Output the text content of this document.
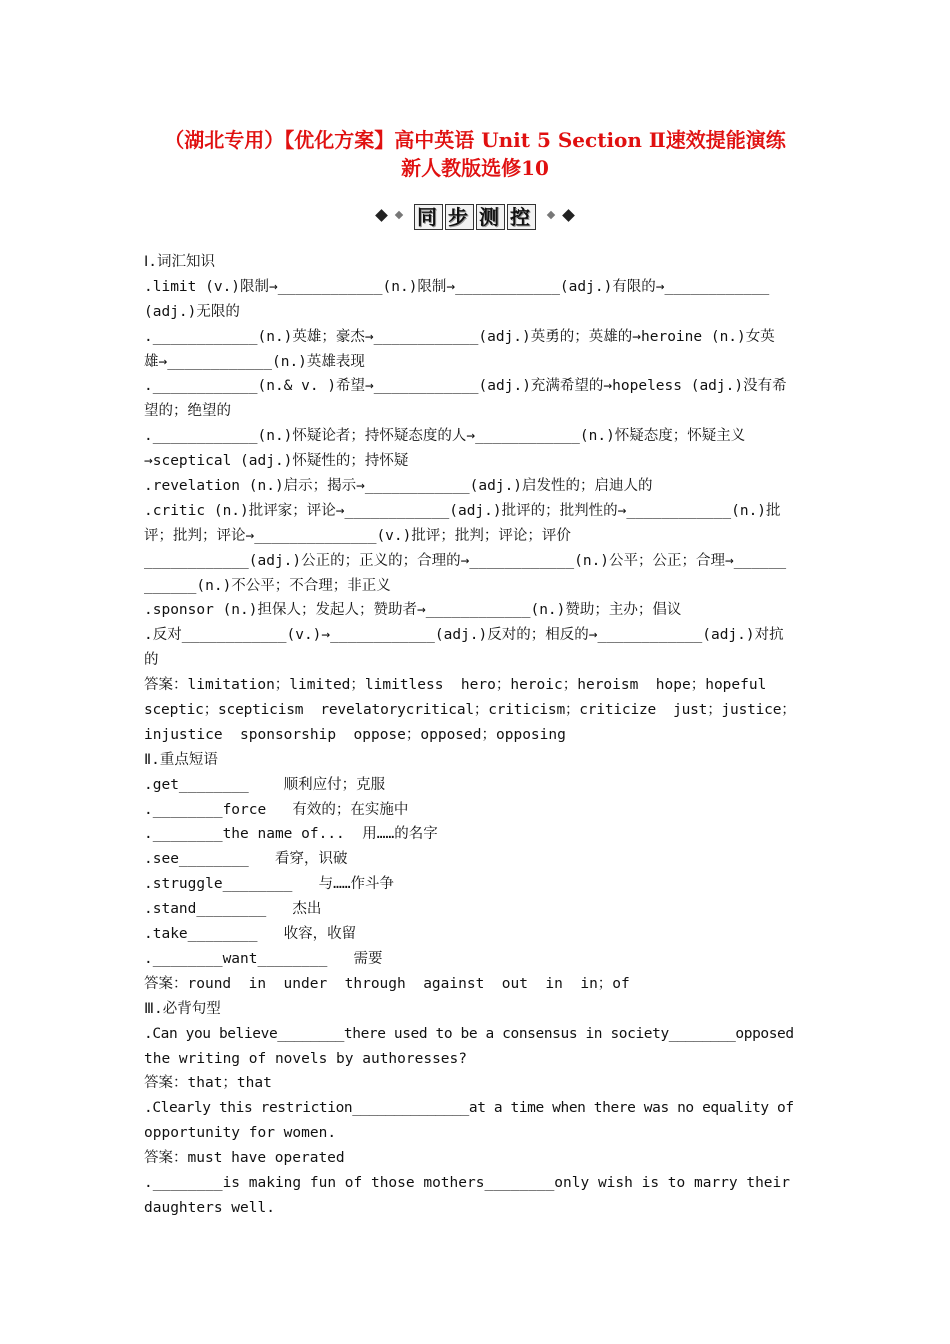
（湖北专用）【优化方案】高中英语 Unit 5 Section Ⅱ速效提能演练
新人教版选修10
同 步 测 控
Ⅰ.词汇知识
.limit (v.)限制→____________(n.)限制→____________(adj.)有限的→____________
(adj.)无限的
.____________(n.)英雄；豪杰→____________(adj.)英勇的；英雄的→heroine (n.)女英
雄→____________(n.)英雄表现
.____________(n.& v. )希望→____________(adj.)充满希望的→hopeless (adj.)没有希
望的；绝望的
.____________(n.)怀疑论者；持怀疑态度的人→____________(n.)怀疑态度；怀疑主义
→sceptical (adj.)怀疑性的；持怀疑
.revelation (n.)启示；揭示→____________(adj.)启发性的；启迪人的
.critic (n.)批评家；评论→____________(adj.)批评的；批判性的→____________(n.)批
评；批判；评论→______________(v.)批评；批判；评论；评价
____________(adj.)公正的；正义的；合理的→____________(n.)公平；公正；合理→______
______(n.)不公平；不合理；非正义
.sponsor (n.)担保人；发起人；赞助者→____________(n.)赞助；主办；倡议
.反对____________(v.)→____________(adj.)反对的；相反的→____________(adj.)对抗
的
答案：limitation；limited；limitless  hero；heroic；heroism  hope；hopeful
sceptic；scepticism  revelatorycritical；criticism；criticize  just；justice；
injustice  sponsorship  oppose；opposed；opposing
Ⅱ.重点短语
.get________    顺利应付；克服
.________force   有效的；在实施中
.________the name of...  用……的名字
.see________   看穿，识破
.struggle________   与……作斗争
.stand________   杰出
.take________   收容，收留
.________want________   需要
答案：round  in  under  through  against  out  in  in；of
Ⅲ.必背句型
.Can you believe________there used to be a consensus in society________opposed
the writing of novels by authoresses?
答案：that；that
.Clearly this restriction______________at a time when there was no equality of
opportunity for women.
答案：must have operated
.________is making fun of those mothers________only wish is to marry their
daughters well.
